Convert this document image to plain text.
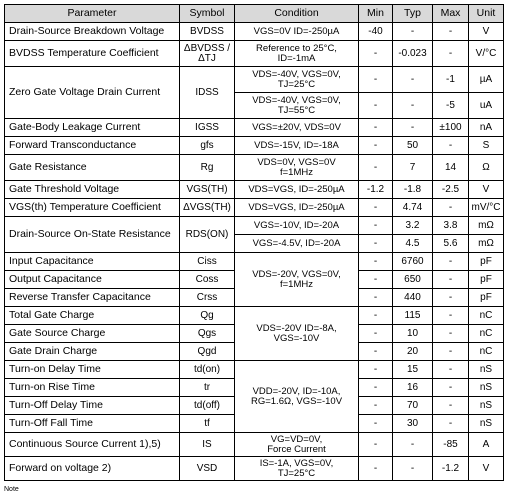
Parameter	Symbol	Condition	Min	Typ	Max	Unit
Drain-Source Breakdown Voltage	BVDSS	VGS=0V ID=-250µA	-40	-	-	V
BVDSS Temperature Coefficient	ΔBVDSS /ΔTJ	Reference to 25°C,
ID=-1mA	-	-0.023	-	V/°C
Zero Gate Voltage Drain Current	IDSS	VDS=-40V, VGS=0V,
TJ=25°C	-	-	-1	µA

		VDS=-40V, VGS=0V,
TJ=55°C	-	-	-5	uA
Gate-Body Leakage Current	IGSS	VGS=±20V, VDS=0V	-	-	±100	nA
Forward Transconductance	gfs	VDS=-15V, ID=-18A	-	50	-	S
Gate Resistance	Rg	VDS=0V, VGS=0V
f=1MHz	-	7	14	Ω
Gate Threshold Voltage	VGS(TH)	VDS=VGS, ID=-250µA	-1.2	-1.8	-2.5	V
VGS(th) Temperature Coefficient	ΔVGS(TH)	VDS=VGS, ID=-250µA	-	4.74	-	mV/°C
Drain-Source On-State Resistance	RDS(ON)	VGS=-10V, ID=-20A	-	3.2	3.8	mΩ

		VGS=-4.5V, ID=-20A	-	4.5	5.6	mΩ
Input Capacitance	Ciss	VDS=-20V, VGS=0V,
f=1MHz	-	6760	-	pF
Output Capacitance	Coss		-	650	-	pF
Reverse Transfer Capacitance	Crss		-	440	-	pF
Total Gate Charge	Qg	VDS=-20V ID=-8A,
VGS=-10V	-	115	-	nC
Gate Source Charge	Qgs		-	10	-	nC
Gate Drain Charge	Qgd		-	20	-	nC
Turn-on Delay Time	td(on)	VDD=-20V, ID=-10A,
RG=1.6Ω, VGS=-10V	-	15	-	nS
Turn-on Rise Time	tr		-	16	-	nS
Turn-Off Delay Time	td(off)		-	70	-	nS
Turn-Off Fall Time	tf		-	30	-	nS
Continuous Source Current 1),5)	IS	VG=VD=0V,
Force Current	-	-	-85	A
Forward on voltage 2)	VSD	IS=-1A, VGS=0V,
TJ=25°C	-	-	-1.2	V
Note
